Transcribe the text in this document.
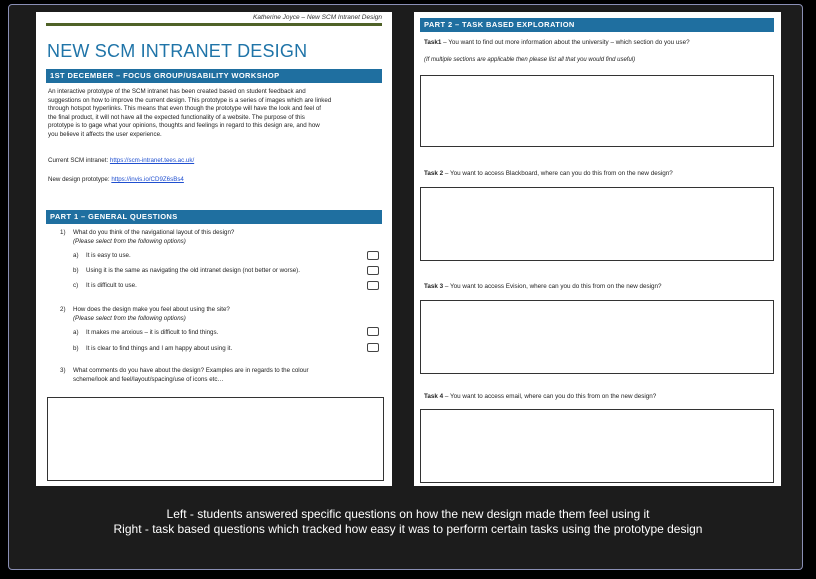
Katherine Joyce – New SCM Intranet Design
NEW SCM INTRANET DESIGN
1ST DECEMBER – FOCUS GROUP/USABILITY WORKSHOP
An interactive prototype of the SCM intranet has been created based on student feedback and
suggestions on how to improve the current design. This prototype is a series of images which are linked
through hotspot hyperlinks. This means that even though the prototype will have the look and feel of
the final product, it will not have all the expected functionality of a website. The purpose of this
prototype is to gage what your opinions, thoughts and feelings in regard to this design are, and how
you believe it affects the user experience.
Current SCM intranet: https://scm-intranet.tees.ac.uk/
New design prototype: https://invis.io/CD9Z6sBs4
PART 1 – GENERAL QUESTIONS
1) What do you think of the navigational layout of this design?
(Please select from the following options)
a) It is easy to use.
b) Using it is the same as navigating the old intranet design (not better or worse).
c) It is difficult to use.
2) How does the design make you feel about using the site?
(Please select from the following options)
a) It makes me anxious – it is difficult to find things.
b) It is clear to find things and I am happy about using it.
3) What comments do you have about the design? Examples are in regards to the colour
scheme/look and feel/layout/spacing/use of icons etc…
PART 2 – TASK BASED EXPLORATION
Task1 – You want to find out more information about the university – which section do you use?
(If multiple sections are applicable then please list all that you would find useful)
Task 2 – You want to access Blackboard, where can you do this from on the new design?
Task 3 – You want to access Evision, where can you do this from on the new design?
Task 4 – You want to access email, where can you do this from on the new design?
Left - students answered specific questions on how the new design made them feel using it
Right - task based questions which tracked how easy it was to perform certain tasks using the prototype design
